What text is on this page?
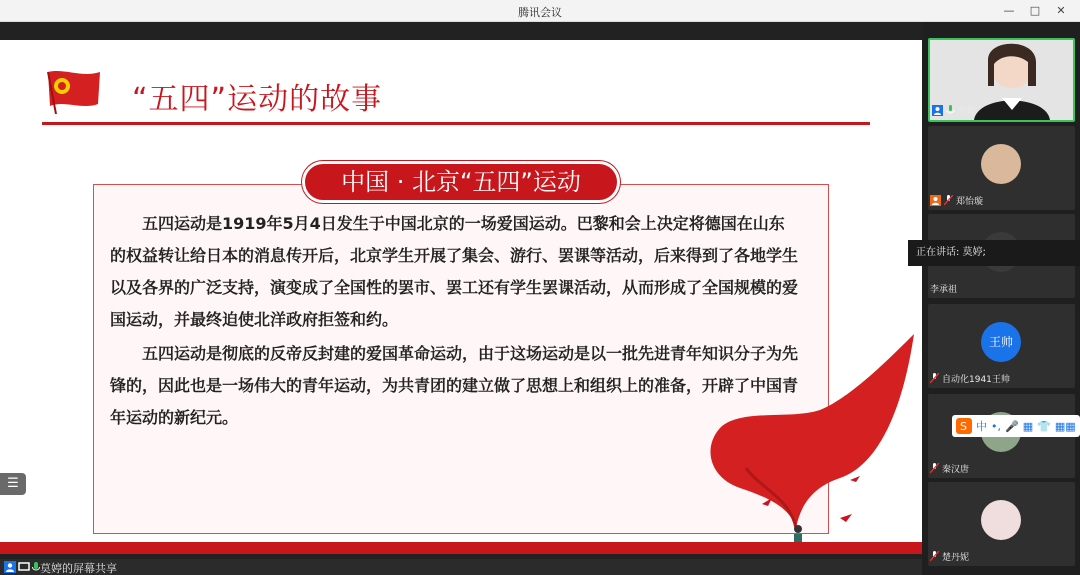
腾讯会议	—	□	✕
“五四”运动的故事
中国 · 北京“五四”运动
五四运动是1919年5月4日发生于中国北京的一场爱国运动。巴黎和会上决定将德国在山东的权益转让给日本的消息传开后，北京学生开展了集会、游行、罢课等活动，后来得到了各地学生以及各界的广泛支持，演变成了全国性的罢市、罢工还有学生罢课活动，从而形成了全国规模的爱国运动，并最终迫使北洋政府拒签和约。
五四运动是彻底的反帝反封建的爱国革命运动，由于这场运动是以一批先进青年知识分子为先锋的，因此也是一场伟大的青年运动，为共青团的建立做了思想上和组织上的准备，开辟了中国青年运动的新纪元。
☰
莫婷的屏幕共享
莫婷
郑怡璇
李承祖
王帅
自动化1941王帅
秦汉唐
楚丹妮
正在讲话: 莫婷;
S 中 •, 🎤 ▦ 👕 ▦▦
